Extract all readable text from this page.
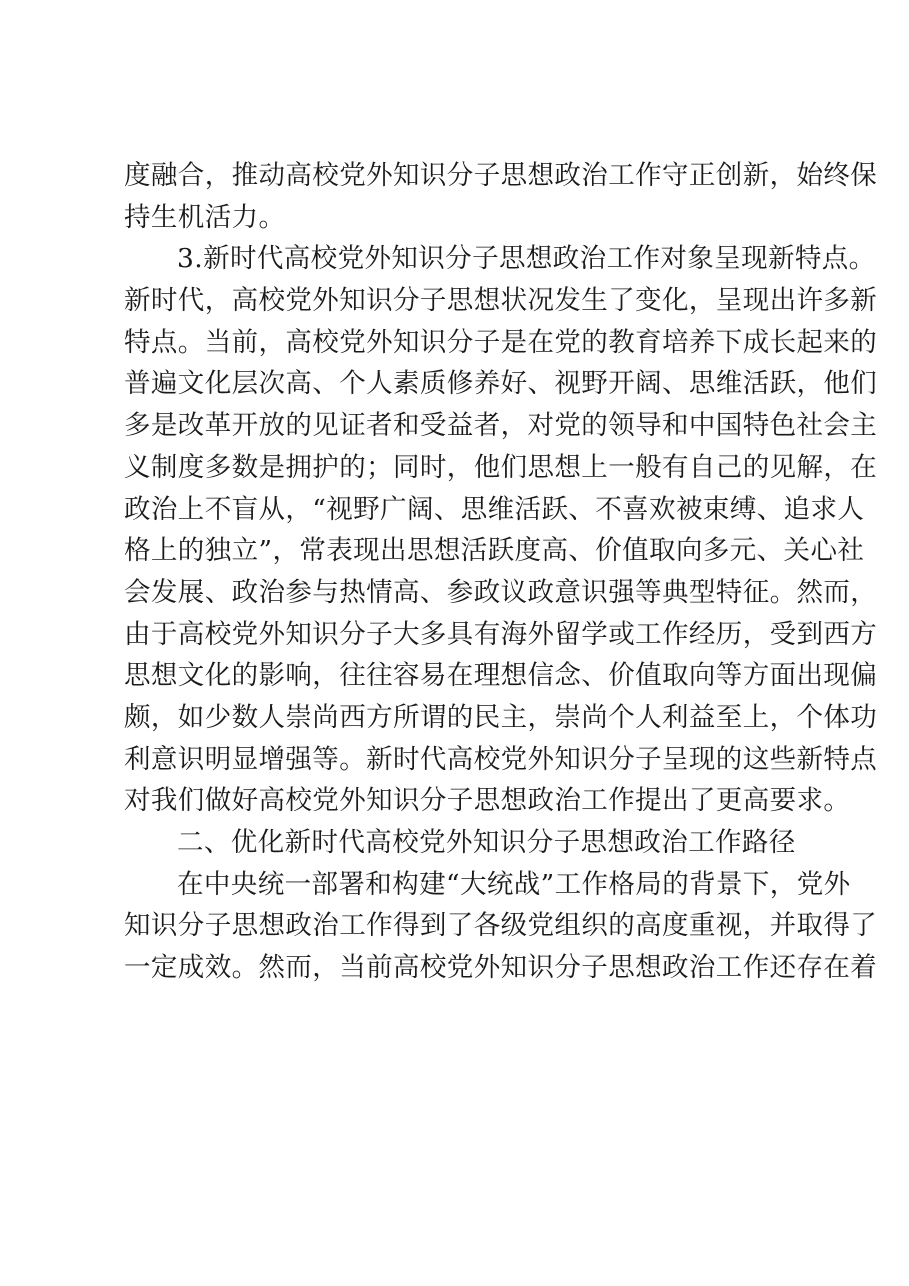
度融合，推动高校党外知识分子思想政治工作守正创新，始终保
持生机活力。
3.新时代高校党外知识分子思想政治工作对象呈现新特点。
新时代，高校党外知识分子思想状况发生了变化，呈现出许多新
特点。当前，高校党外知识分子是在党的教育培养下成长起来的
普遍文化层次高、个人素质修养好、视野开阔、思维活跃，他们
多是改革开放的见证者和受益者，对党的领导和中国特色社会主
义制度多数是拥护的；同时，他们思想上一般有自己的见解，在
政治上不盲从，“视野广阔、思维活跃、不喜欢被束缚、追求人
格上的独立”，常表现出思想活跃度高、价值取向多元、关心社
会发展、政治参与热情高、参政议政意识强等典型特征。然而，
由于高校党外知识分子大多具有海外留学或工作经历，受到西方
思想文化的影响，往往容易在理想信念、价值取向等方面出现偏
颇，如少数人崇尚西方所谓的民主，崇尚个人利益至上，个体功
利意识明显增强等。新时代高校党外知识分子呈现的这些新特点
对我们做好高校党外知识分子思想政治工作提出了更高要求。
二、优化新时代高校党外知识分子思想政治工作路径
在中央统一部署和构建“大统战”工作格局的背景下，党外
知识分子思想政治工作得到了各级党组织的高度重视，并取得了
一定成效。然而，当前高校党外知识分子思想政治工作还存在着
